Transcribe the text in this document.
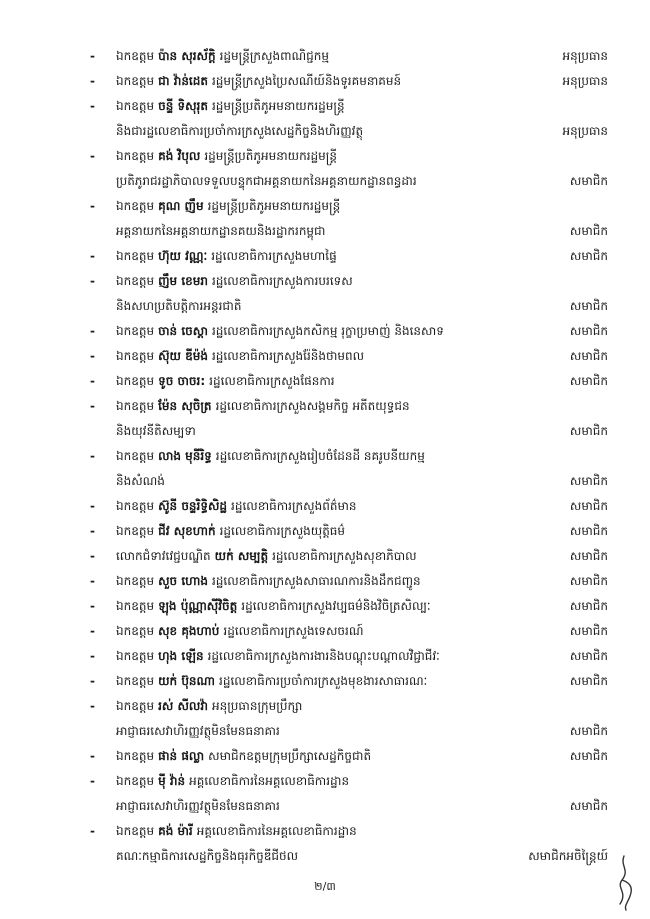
- ឯកឧត្តម ប៉ាន សុរស័ក្តិ រដ្ឋមន្ត្រីក្រសួងពាណិជ្ជកម្ម	អនុប្រធាន
- ឯកឧត្តម ជា វ៉ាន់ដេត រដ្ឋមន្ត្រីក្រសួងប្រៃសណីយ៍និងទូរគមនាគមន៍	អនុប្រធាន
- ឯកឧត្តម ចន្ទី ទិសុរុត រដ្ឋមន្ត្រីប្រតិភូអមនាយករដ្ឋមន្ត្រី
និងជារដ្ឋលេខាធិការប្រចាំការក្រសួងសេដ្ឋកិច្ចនិងហិរញ្ញវត្ថុ	អនុប្រធាន
- ឯកឧត្តម គង់ វិបុល រដ្ឋមន្ត្រីប្រតិភូអមនាយករដ្ឋមន្ត្រី
ប្រតិភូរាជរដ្ឋាភិបាលទទួលបន្ទុកជាអគ្គនាយកនៃអគ្គនាយកដ្ឋានពន្ធដារ	សមាជិក
- ឯកឧត្តម គុណ ញឹម រដ្ឋមន្ត្រីប្រតិភូអមនាយករដ្ឋមន្ត្រី
អគ្គនាយកនៃអគ្គនាយកដ្ឋានគយនិងរដ្ឋាករកម្ពុជា	សមាជិក
- ឯកឧត្តម ហ៊ុយ វណ្ណៈ រដ្ឋលេខាធិការក្រសួងមហាផ្ទៃ	សមាជិក
- ឯកឧត្តម ញឹម ខេមរា រដ្ឋលេខាធិការក្រសួងការបរទេស
និងសហប្រតិបត្តិការអន្តរជាតិ	សមាជិក
- ឯកឧត្តម ចាន់ ចេស្តា រដ្ឋលេខាធិការក្រសួងកសិកម្ម រុក្ខាប្រមាញ់ និងនេសាទ	សមាជិក
- ឯកឧត្តម ស៊ុយ ឌីម៉ង់ រដ្ឋលេខាធិការក្រសួងរ៉ែនិងថាមពល	សមាជិក
- ឯកឧត្តម ទូច ចាចរ: រដ្ឋលេខាធិការក្រសួងផែនការ	សមាជិក
- ឯកឧត្តម ម៉ែន សុចិត្រ រដ្ឋលេខាធិការក្រសួងសង្គមកិច្ច អតីតយុទ្ធជន
និងយុវនីតិសម្បទា	សមាជិក
- ឯកឧត្តម លាង មុនីរិទ្ធ រដ្ឋលេខាធិការក្រសួងរៀបចំដែនដី នគរូបនីយកម្ម
និងសំណង់	សមាជិក
- ឯកឧត្តម ស៊ូនី ចន្ទរិទ្ធិសិដ្ឋ រដ្ឋលេខាធិការក្រសួងព័ត៌មាន	សមាជិក
- ឯកឧត្តម ជីវ សុខហាក់ រដ្ឋលេខាធិការក្រសួងយុត្តិធម៌	សមាជិក
- លោកជំទាវវេជ្ជបណ្ឌិត យក់ សម្បត្តិ រដ្ឋលេខាធិការក្រសួងសុខាភិបាល	សមាជិក
- ឯកឧត្តម សួច ហោង រដ្ឋលេខាធិការក្រសួងសាធារណការនិងដឹកជញ្ជូន	សមាជិក
- ឯកឧត្តម ឡុង ប៉ុណ្ណាស៊ីវិចិត្ត រដ្ឋលេខាធិការក្រសួងវប្បធម៌និងវិចិត្រសិល្បៈ	សមាជិក
- ឯកឧត្តម សុខ គុងហាប់ រដ្ឋលេខាធិការក្រសួងទេសចរណ៍	សមាជិក
- ឯកឧត្តម ហុង ឡើន រដ្ឋលេខាធិការក្រសួងការងារនិងបណ្តុះបណ្តាលវិជ្ជាជីវៈ	សមាជិក
- ឯកឧត្តម យក់ ប៊ុនណា រដ្ឋលេខាធិការប្រចាំការក្រសួងមុខងារសាធារណៈ	សមាជិក
- ឯកឧត្តម រស់ សីលវ៉ា អនុប្រធានក្រុមប្រឹក្សា
អាជ្ញាធរសេវាហិរញ្ញវត្ថុមិនមែនធនាគារ	សមាជិក
- ឯកឧត្តម ផាន់ ផល្លា សមាជិកឧត្តមក្រុមប្រឹក្សាសេដ្ឋកិច្ចជាតិ	សមាជិក
- ឯកឧត្តម ម៉ី វ៉ាន់ អគ្គលេខាធិការនៃអគ្គលេខាធិការដ្ឋាន
អាជ្ញាធរសេវាហិរញ្ញវត្ថុមិនមែនធនាគារ	សមាជិក
- ឯកឧត្តម គង់ ម៉ារី អគ្គលេខាធិការនៃអគ្គលេខាធិការដ្ឋាន
គណៈកម្មាធិការសេដ្ឋកិច្ចនិងធុរកិច្ចឌីជីថល	សមាជិកអចិន្ត្រៃយ៍
២/៣
